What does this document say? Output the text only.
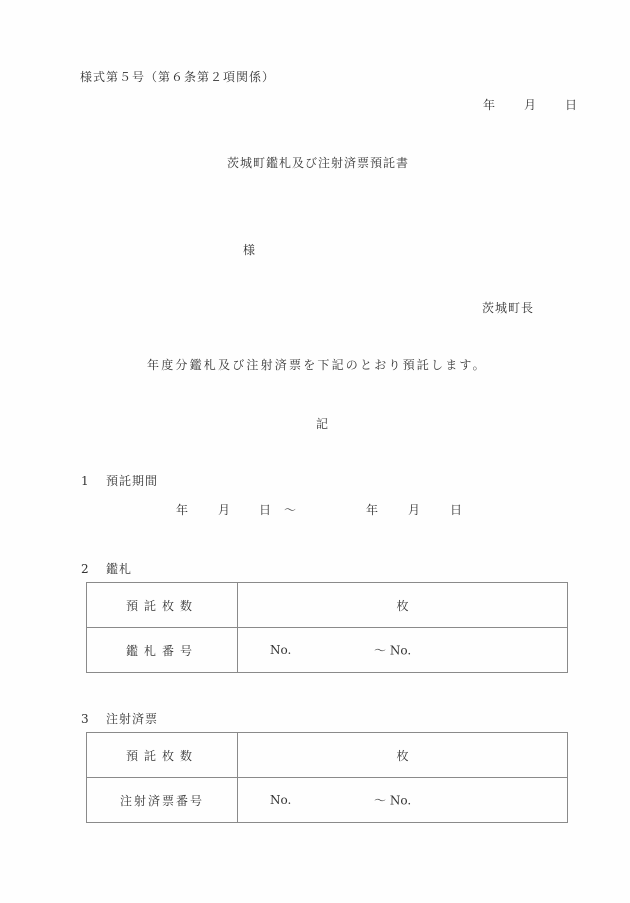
様式第５号（第６条第２項関係）
年 月 日
茨城町鑑札及び注射済票預託書
様
茨城町長
年度分鑑札及び注射済票を下記のとおり預託します。
記
1 預託期間
年 月 日 ～	年 月 日
2 鑑札
預託枚数	枚
鑑札番号	No. ～ No.
3 注射済票
預託枚数	枚
注射済票番号	No. ～ No.
